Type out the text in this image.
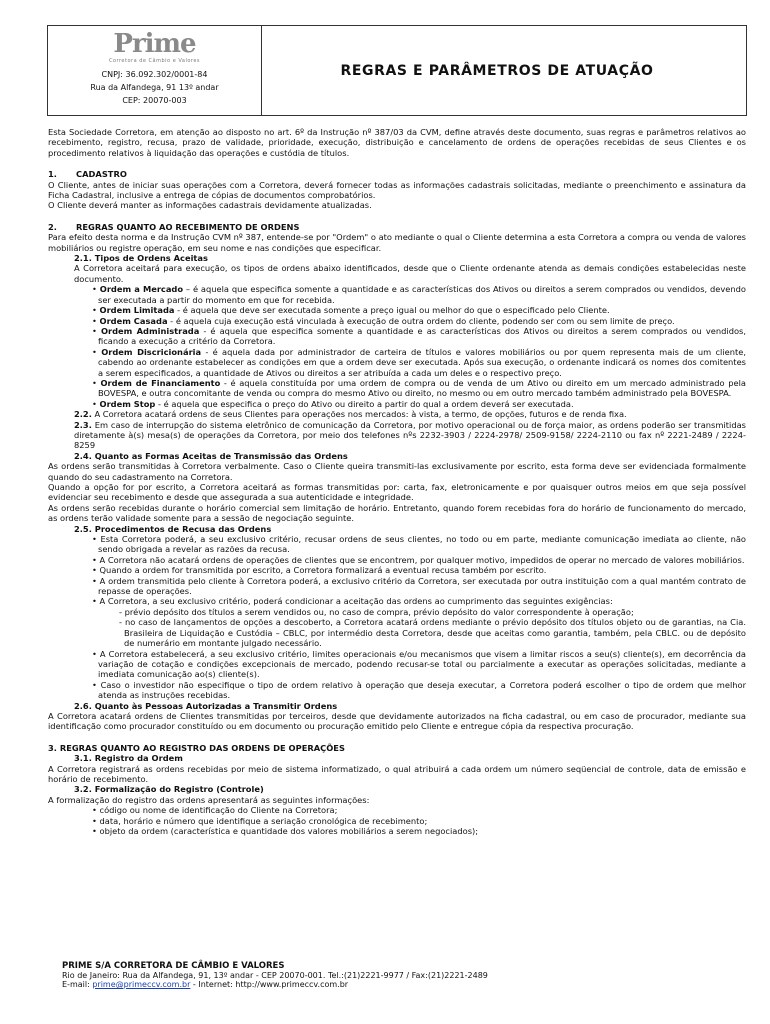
Prime
Corretora de Câmbio e Valores
CNPJ: 36.092.302/0001-84
Rua da Alfandega, 91 13º andar
CEP: 20070-003
REGRAS E PARÂMETROS DE ATUAÇÃO

Esta Sociedade Corretora, em atenção ao disposto no art. 6º da Instrução nº 387/03 da CVM, define através deste documento, suas regras e parâmetros relativos ao recebimento, registro, recusa, prazo de validade, prioridade, execução, distribuição e cancelamento de ordens de operações recebidas de seus Clientes e os procedimento relativos à liquidação das operações e custódia de títulos.

1. CADASTRO

O Cliente, antes de iniciar suas operações com a Corretora, deverá fornecer todas as informações cadastrais solicitadas, mediante o preenchimento e assinatura da Ficha Cadastral, inclusive a entrega de cópias de documentos comprobatórios.

O Cliente deverá manter as informações cadastrais devidamente atualizadas.

2. REGRAS QUANTO AO RECEBIMENTO DE ORDENS

Para efeito desta norma e da Instrução CVM nº 387, entende-se por "Ordem" o ato mediante o qual o Cliente determina a esta Corretora a compra ou venda de valores mobiliários ou registre operação, em seu nome e nas condições que especificar.

2.1. Tipos de Ordens Aceitas

A Corretora aceitará para execução, os tipos de ordens abaixo identificados, desde que o Cliente ordenante atenda as demais condições estabelecidas neste documento.

• Ordem a Mercado – é aquela que especifica somente a quantidade e as características dos Ativos ou direitos a serem comprados ou vendidos, devendo ser executada a partir do momento em que for recebida.

• Ordem Limitada - é aquela que deve ser executada somente a preço igual ou melhor do que o especificado pelo Cliente.

• Ordem Casada - é aquela cuja execução está vinculada à execução de outra ordem do cliente, podendo ser com ou sem limite de preço.

• Ordem Administrada - é aquela que especifica somente a quantidade e as características dos Ativos ou direitos a serem comprados ou vendidos, ficando a execução a critério da Corretora.

• Ordem Discricionária - é aquela dada por administrador de carteira de títulos e valores mobiliários ou por quem representa mais de um cliente, cabendo ao ordenante estabelecer as condições em que a ordem deve ser executada. Após sua execução, o ordenante indicará os nomes dos comitentes a serem especificados, a quantidade de Ativos ou direitos a ser atribuída a cada um deles e o respectivo preço.

• Ordem de Financiamento - é aquela constituída por uma ordem de compra ou de venda de um Ativo ou direito em um mercado administrado pela BOVESPA, e outra concomitante de venda ou compra do mesmo Ativo ou direito, no mesmo ou em outro mercado também administrado pela BOVESPA.

• Ordem Stop - é aquela que especifica o preço do Ativo ou direito a partir do qual a ordem deverá ser executada.

2.2. A Corretora acatará ordens de seus Clientes para operações nos mercados: à vista, a termo, de opções, futuros e de renda fixa.

2.3. Em caso de interrupção do sistema eletrônico de comunicação da Corretora, por motivo operacional ou de força maior, as ordens poderão ser transmitidas diretamente à(s) mesa(s) de operações da Corretora, por meio dos telefones nºs 2232-3903 / 2224-2978/ 2509-9158/ 2224-2110 ou fax nº 2221-2489 / 2224-8259

2.4. Quanto as Formas Aceitas de Transmissão das Ordens

As ordens serão transmitidas à Corretora verbalmente. Caso o Cliente queira transmiti-las exclusivamente por escrito, esta forma deve ser evidenciada formalmente quando do seu cadastramento na Corretora.

Quando a opção for por escrito, a Corretora aceitará as formas transmitidas por: carta, fax, eletronicamente e por quaisquer outros meios em que seja possível evidenciar seu recebimento e desde que assegurada a sua autenticidade e integridade.

As ordens serão recebidas durante o horário comercial sem limitação de horário. Entretanto, quando forem recebidas fora do horário de funcionamento do mercado, as ordens terão validade somente para a sessão de negociação seguinte.

2.5. Procedimentos de Recusa das Ordens

• Esta Corretora poderá, a seu exclusivo critério, recusar ordens de seus clientes, no todo ou em parte, mediante comunicação imediata ao cliente, não sendo obrigada a revelar as razões da recusa.

• A Corretora não acatará ordens de operações de clientes que se encontrem, por qualquer motivo, impedidos de operar no mercado de valores mobiliários.

• Quando a ordem for transmitida por escrito, a Corretora formalizará a eventual recusa também por escrito.

• A ordem transmitida pelo cliente à Corretora poderá, a exclusivo critério da Corretora, ser executada por outra instituição com a qual mantém contrato de repasse de operações.

• A Corretora, a seu exclusivo critério, poderá condicionar a aceitação das ordens ao cumprimento das seguintes exigências:

- prévio depósito dos títulos a serem vendidos ou, no caso de compra, prévio depósito do valor correspondente à operação;

- no caso de lançamentos de opções a descoberto, a Corretora acatará ordens mediante o prévio depósito dos títulos objeto ou de garantias, na Cia. Brasileira de Liquidação e Custódia – CBLC, por intermédio desta Corretora, desde que aceitas como garantia, também, pela CBLC. ou de depósito de numerário em montante julgado necessário.

• A Corretora estabelecerá, a seu exclusivo critério, limites operacionais e/ou mecanismos que visem a limitar riscos a seu(s) cliente(s), em decorrência da variação de cotação e condições excepcionais de mercado, podendo recusar-se total ou parcialmente a executar as operações solicitadas, mediante a imediata comunicação ao(s) cliente(s).

• Caso o investidor não especifique o tipo de ordem relativo à operação que deseja executar, a Corretora poderá escolher o tipo de ordem que melhor atenda as instruções recebidas.

2.6. Quanto às Pessoas Autorizadas a Transmitir Ordens

A Corretora acatará ordens de Clientes transmitidas por terceiros, desde que devidamente autorizados na ficha cadastral, ou em caso de procurador, mediante sua identificação como procurador constituído ou em documento ou procuração emitido pelo Cliente e entregue cópia da respectiva procuração.

3. REGRAS QUANTO AO REGISTRO DAS ORDENS DE OPERAÇÕES

3.1. Registro da Ordem

A Corretora registrará as ordens recebidas por meio de sistema informatizado, o qual atribuirá a cada ordem um número seqüencial de controle, data de emissão e horário de recebimento.

3.2. Formalização do Registro (Controle)

A formalização do registro das ordens apresentará as seguintes informações:

• código ou nome de identificação do Cliente na Corretora;

• data, horário e número que identifique a seriação cronológica de recebimento;

• objeto da ordem (característica e quantidade dos valores mobiliários a serem negociados);

PRIME S/A CORRETORA DE CÂMBIO E VALORES
Rio de Janeiro: Rua da Alfandega, 91, 13º andar - CEP 20070-001. Tel.:(21)2221-9977 / Fax:(21)2221-2489
E-mail: prime@primeccv.com.br - Internet: http://www.primeccv.com.br
